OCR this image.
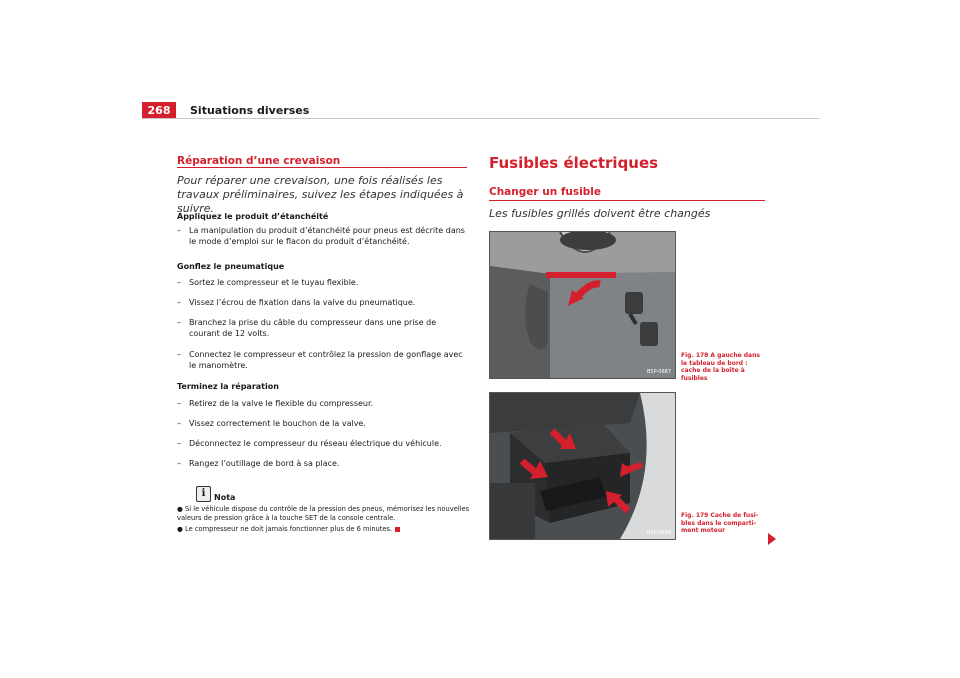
268	Situations diverses
Réparation d’une crevaison
Pour réparer une crevaison, une fois réalisés les travaux préliminaires, suivez les étapes indiquées à suivre.
Appliquez le produit d’étanchéité
–	La manipulation du produit d’étanchéité pour pneus est décrite dans le mode d’emploi sur le flacon du produit d’étanchéité.
Gonflez le pneumatique
–	Sortez le compresseur et le tuyau flexible.
–	Vissez l’écrou de fixation dans la valve du pneumatique.
–	Branchez la prise du câble du compresseur dans une prise de courant de 12 volts.
–	Connectez le compresseur et contrôlez la pression de gonflage avec le manomètre.
Terminez la réparation
–	Retirez de la valve le flexible du compresseur.
–	Vissez correctement le bouchon de la valve.
–	Déconnectez le compresseur du réseau électrique du véhicule.
–	Rangez l’outillage de bord à sa place.
i	Nota
● Si le véhicule dispose du contrôle de la pression des pneus, mémorisez les nouvelles valeurs de pression grâce à la touche SET de la console centrale.
● Le compresseur ne doit jamais fonctionner plus de 6 minutes.
Fusibles électriques
Changer un fusible
Les fusibles grillés doivent être changés
B5P-0687
Fig. 178 A gauche dans le tableau de bord : cache de la boîte à fusibles
B5P-0599
Fig. 179 Cache de fusi-bles dans le comparti-ment moteur
